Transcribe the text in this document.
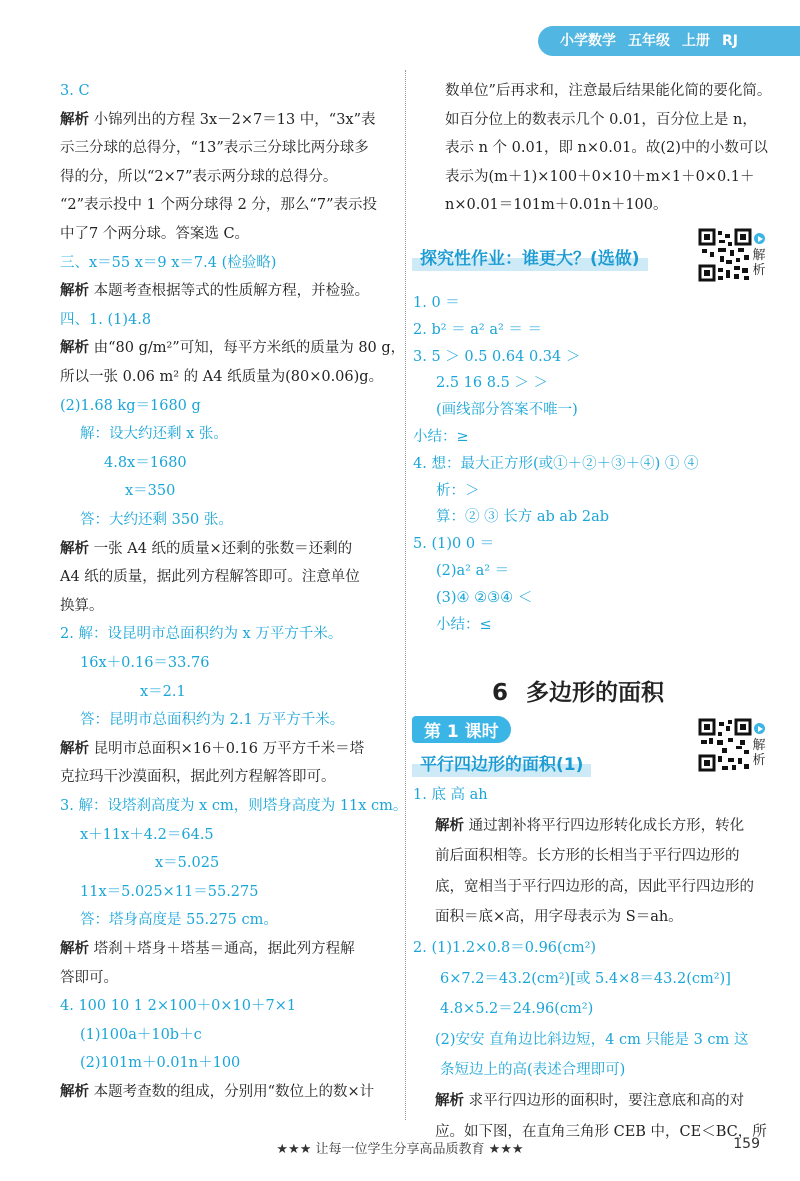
小学数学 五年级 上册 RJ
3. C
解析 小锦列出的方程 3x－2×7＝13 中，“3x”表
示三分球的总得分，“13”表示三分球比两分球多
得的分，所以“2×7”表示两分球的总得分。
“2”表示投中 1 个两分球得 2 分，那么“7”表示投
中了7 个两分球。答案选 C。
三、x＝55 x＝9 x＝7.4 (检验略)
解析 本题考查根据等式的性质解方程，并检验。
四、1. (1)4.8
解析 由“80 g/m²”可知，每平方米纸的质量为 80 g，
所以一张 0.06 m² 的 A4 纸质量为(80×0.06)g。
(2)1.68 kg＝1680 g
解：设大约还剩 x 张。
4.8x＝1680
x＝350
答：大约还剩 350 张。
解析 一张 A4 纸的质量×还剩的张数＝还剩的
A4 纸的质量，据此列方程解答即可。注意单位
换算。
2. 解：设昆明市总面积约为 x 万平方千米。
16x＋0.16＝33.76
x＝2.1
答：昆明市总面积约为 2.1 万平方千米。
解析 昆明市总面积×16＋0.16 万平方千米＝塔
克拉玛干沙漠面积，据此列方程解答即可。
3. 解：设塔刹高度为 x cm，则塔身高度为 11x cm。
x＋11x＋4.2＝64.5
x＝5.025
11x＝5.025×11＝55.275
答：塔身高度是 55.275 cm。
解析 塔刹＋塔身＋塔基＝通高，据此列方程解
答即可。
4. 100 10 1 2×100＋0×10＋7×1
(1)100a＋10b＋c
(2)101m＋0.01n＋100
解析 本题考查数的组成，分别用“数位上的数×计
数单位”后再求和，注意最后结果能化简的要化简。
如百分位上的数表示几个 0.01，百分位上是 n，
表示 n 个 0.01，即 n×0.01。故(2)中的小数可以
表示为(m＋1)×100＋0×10＋m×1＋0×0.1＋
n×0.01＝101m＋0.01n＋100。
探究性作业：谁更大？(选做)	解析
1. 0 ＝
2. b² ＝ a² a² ＝ ＝
3. 5 ＞ 0.5 0.64 0.34 ＞
2.5 16 8.5 ＞ ＞
(画线部分答案不唯一)
小结：≥
4. 想：最大正方形(或①＋②＋③＋④) ① ④
析：＞
算：② ③ 长方 ab ab 2ab
5. (1)0 0 ＝
(2)a² a² ＝
(3)④ ②③④ ＜
小结：≤
6 多边形的面积
第 1 课时
平行四边形的面积(1)
解析
1. 底 高 ah
解析 通过割补将平行四边形转化成长方形，转化
前后面积相等。长方形的长相当于平行四边形的
底，宽相当于平行四边形的高，因此平行四边形的
面积＝底×高，用字母表示为 S＝ah。
2. (1)1.2×0.8＝0.96(cm²)
6×7.2＝43.2(cm²)[或 5.4×8＝43.2(cm²)]
4.8×5.2＝24.96(cm²)
(2)安安 直角边比斜边短，4 cm 只能是 3 cm 这
条短边上的高(表述合理即可)
解析 求平行四边形的面积时，要注意底和高的对
应。如下图，在直角三角形 CEB 中，CE＜BC，所
★★★ 让每一位学生分享高品质教育 ★★★	159
